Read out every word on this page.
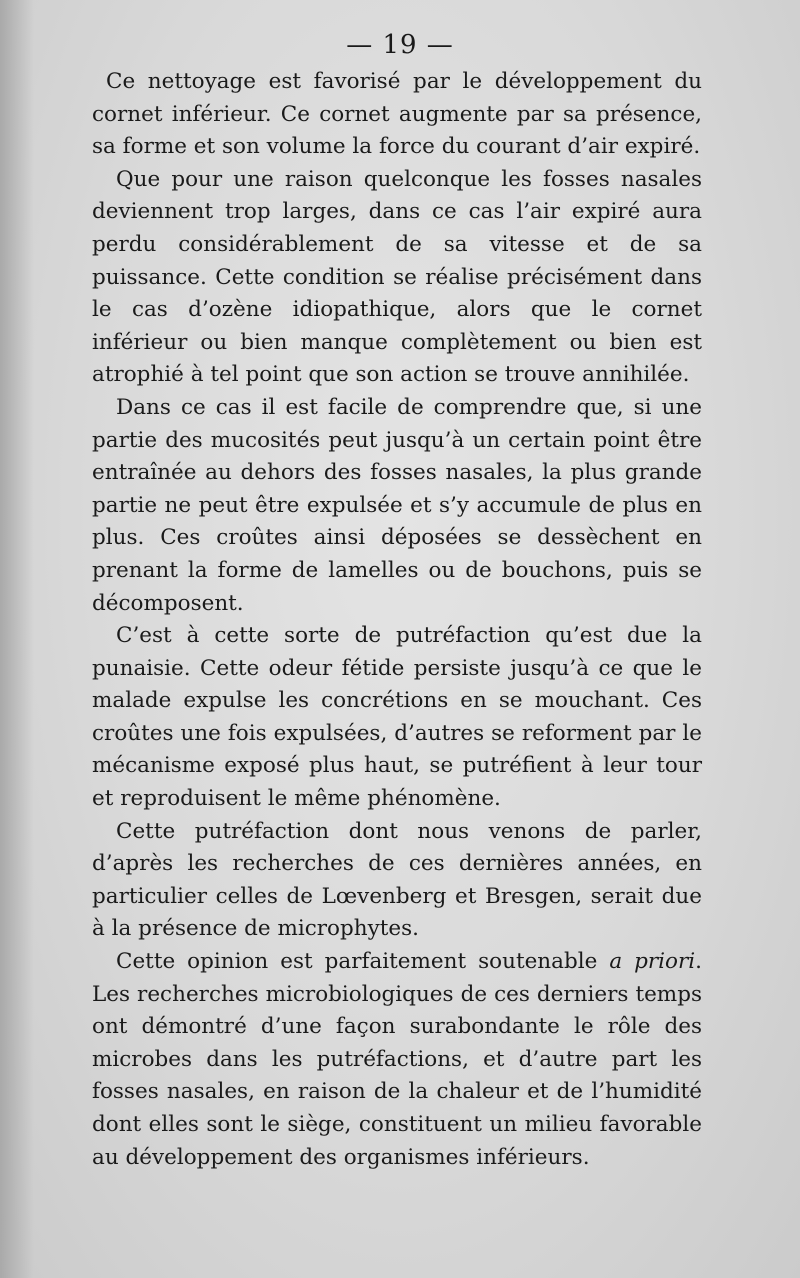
— 19 —

Ce nettoyage est favorisé par le développement du cornet inférieur. Ce cornet augmente par sa présence, sa forme et son volume la force du courant d’air expiré.

Que pour une raison quelconque les fosses nasales deviennent trop larges, dans ce cas l’air expiré aura perdu considérablement de sa vitesse et de sa puissance. Cette condition se réalise précisément dans le cas d’ozène idiopathique, alors que le cornet inférieur ou bien manque complètement ou bien est atrophié à tel point que son action se trouve annihilée.

Dans ce cas il est facile de comprendre que, si une partie des mucosités peut jusqu’à un certain point être entraînée au dehors des fosses nasales, la plus grande partie ne peut être expulsée et s’y accumule de plus en plus. Ces croûtes ainsi déposées se dessèchent en prenant la forme de lamelles ou de bouchons, puis se décomposent.

C’est à cette sorte de putréfaction qu’est due la punaisie. Cette odeur fétide persiste jusqu’à ce que le malade expulse les concrétions en se mouchant. Ces croûtes une fois expulsées, d’autres se reforment par le mécanisme exposé plus haut, se putréfient à leur tour et reproduisent le même phénomène.

Cette putréfaction dont nous venons de parler, d’après les recherches de ces dernières années, en particulier celles de Lœvenberg et Bresgen, serait due à la présence de microphytes.

Cette opinion est parfaitement soutenable a priori. Les recherches microbiologiques de ces derniers temps ont démontré d’une façon surabondante le rôle des microbes dans les putréfactions, et d’autre part les fosses nasales, en raison de la chaleur et de l’humidité dont elles sont le siège, constituent un milieu favorable au développement des organismes inférieurs.
